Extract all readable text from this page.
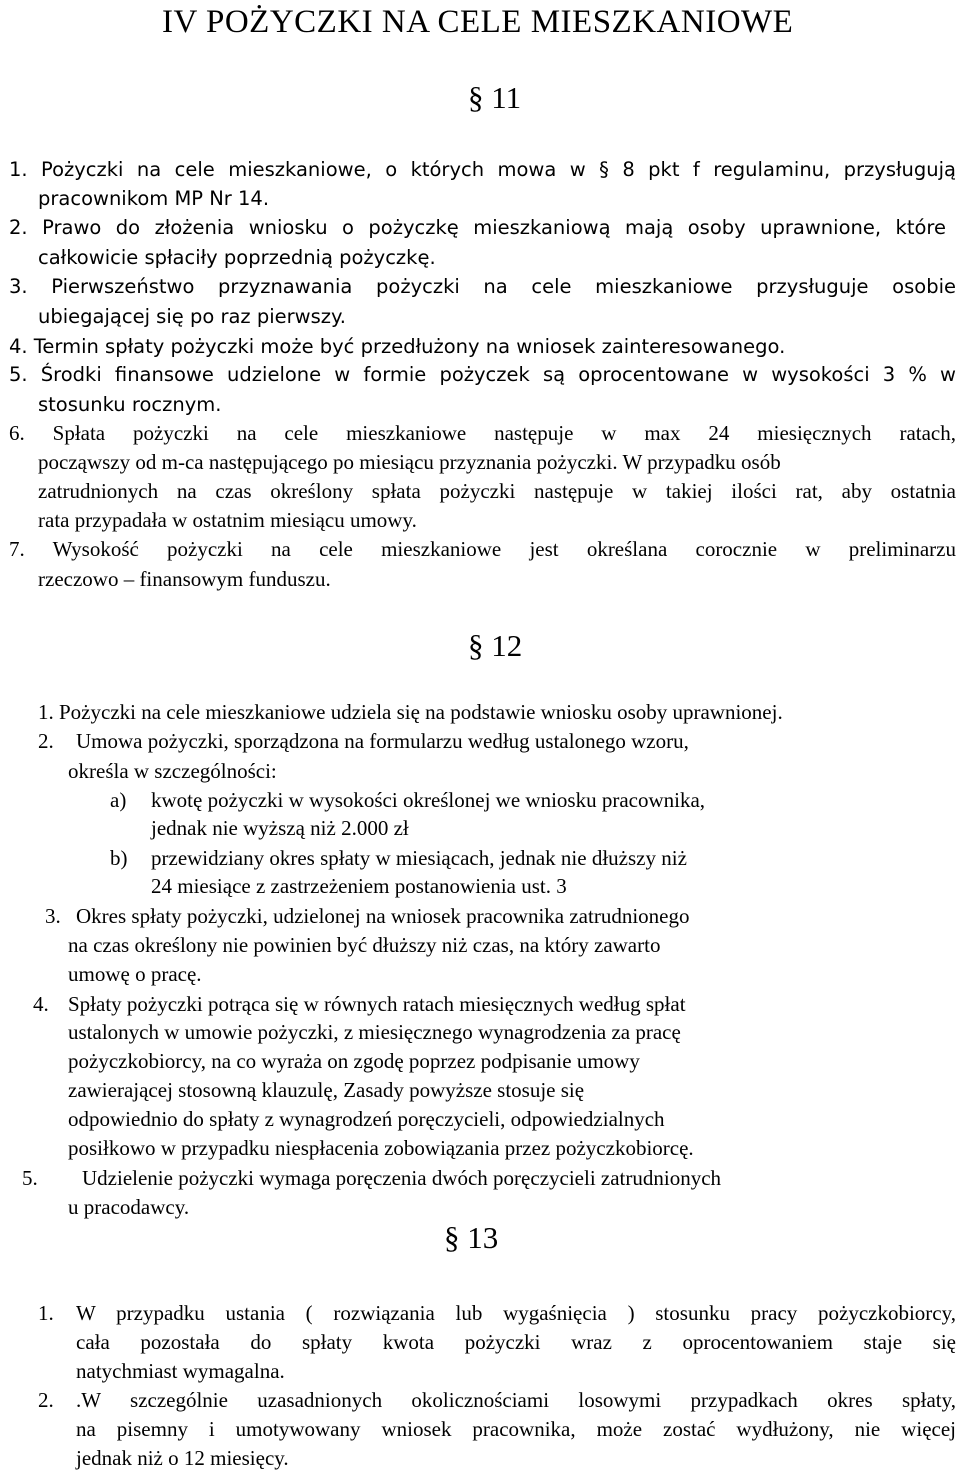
IV POŻYCZKI NA CELE MIESZKANIOWE
§ 11
1. Pożyczki na cele mieszkaniowe, o których mowa w § 8 pkt f regulaminu, przysługują
pracownikom MP Nr 14.
2. Prawo do złożenia wniosku o pożyczkę mieszkaniową mają osoby uprawnione, które
całkowicie spłaciły poprzednią pożyczkę.
3. Pierwszeństwo przyznawania pożyczki na cele mieszkaniowe przysługuje osobie
ubiegającej się po raz pierwszy.
4. Termin spłaty pożyczki może być przedłużony na wniosek zainteresowanego.
5. Środki finansowe udzielone w formie pożyczek są oprocentowane w wysokości 3 % w
stosunku rocznym.
6. Spłata pożyczki na cele mieszkaniowe następuje w max 24 miesięcznych ratach,
począwszy od m-ca następującego po miesiącu przyznania pożyczki. W przypadku osób
zatrudnionych na czas określony spłata pożyczki następuje w takiej ilości rat, aby ostatnia
rata przypadała w ostatnim miesiącu umowy.
7. Wysokość pożyczki na cele mieszkaniowe jest określana corocznie w preliminarzu
rzeczowo – finansowym funduszu.
§ 12
1. Pożyczki na cele mieszkaniowe udziela się na podstawie wniosku osoby uprawnionej.
2. Umowa pożyczki, sporządzona na formularzu według ustalonego wzoru,
określa w szczególności:
a) kwotę pożyczki w wysokości określonej we wniosku pracownika,
jednak nie wyższą niż 2.000 zł
b) przewidziany okres spłaty w miesiącach, jednak nie dłuższy niż
24 miesiące z zastrzeżeniem postanowienia ust. 3
3. Okres spłaty pożyczki, udzielonej na wniosek pracownika zatrudnionego
na czas określony nie powinien być dłuższy niż czas, na który zawarto
umowę o pracę.
4. Spłaty pożyczki potrąca się w równych ratach miesięcznych według spłat
ustalonych w umowie pożyczki, z miesięcznego wynagrodzenia za pracę
pożyczkobiorcy, na co wyraża on zgodę poprzez podpisanie umowy
zawierającej stosowną klauzulę, Zasady powyższe stosuje się
odpowiednio do spłaty z wynagrodzeń poręczycieli, odpowiedzialnych
posiłkowo w przypadku niespłacenia zobowiązania przez pożyczkobiorcę.
5. Udzielenie pożyczki wymaga poręczenia dwóch poręczycieli zatrudnionych
u pracodawcy.
§ 13
1. W przypadku ustania ( rozwiązania lub wygaśnięcia ) stosunku pracy pożyczkobiorcy,
cała pozostała do spłaty kwota pożyczki wraz z oprocentowaniem staje się
natychmiast wymagalna.
2. .W szczególnie uzasadnionych okolicznościami losowymi przypadkach okres spłaty,
na pisemny i umotywowany wniosek pracownika, może zostać wydłużony, nie więcej
jednak niż o 12 miesięcy.
